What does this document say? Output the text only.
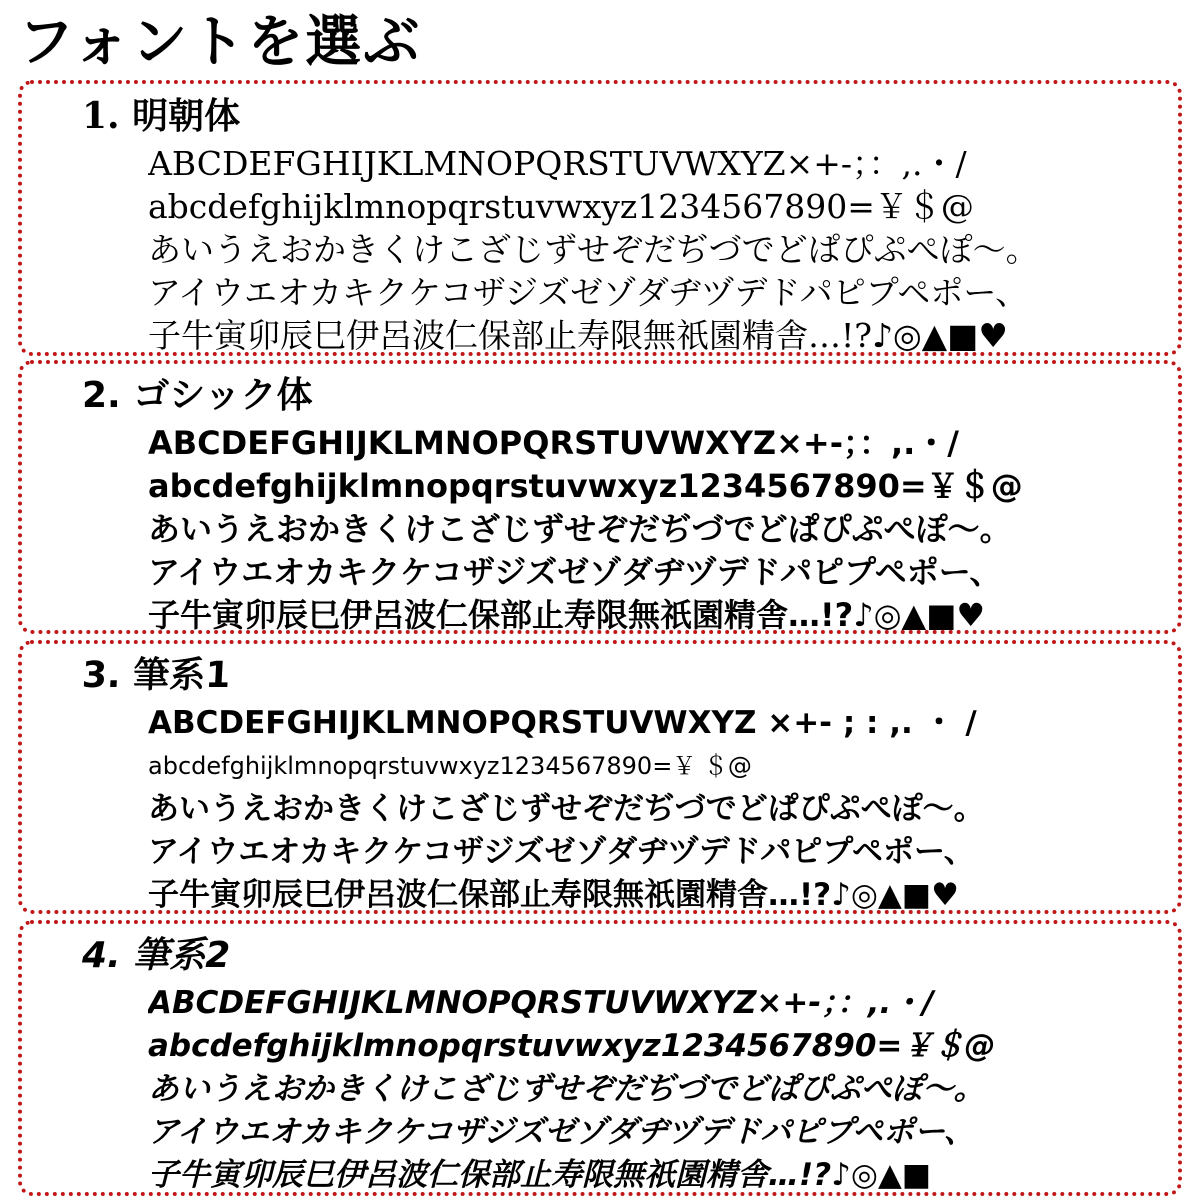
フォントを選ぶ
1. 明朝体
ABCDEFGHIJKLMNOPQRSTUVWXYZ×+-；：,.・/
abcdefghijklmnopqrstuvwxyz1234567890=￥＄@
あいうえおかきくけこざじずせぞだぢづでどぱぴぷぺぽ～。
アイウエオカキクケコザジズゼゾダヂヅデドパピプペポー、
子牛寅卯辰巳伊呂波仁保部止寿限無祇園精舎…!?♪◎▲■♥
2. ゴシック体
ABCDEFGHIJKLMNOPQRSTUVWXYZ×+-；：,.・/
abcdefghijklmnopqrstuvwxyz1234567890=￥＄@
あいうえおかきくけこざじずせぞだぢづでどぱぴぷぺぽ～。
アイウエオカキクケコザジズゼゾダヂヅデドパピプペポー、
子牛寅卯辰巳伊呂波仁保部止寿限無祇園精舎…!?♪◎▲■♥
3. 筆系1
ABCDEFGHIJKLMNOPQRSTUVWXYZ ×+- ; : ,. ・ /
abcdefghijklmnopqrstuvwxyz1234567890=￥ ＄@
あいうえおかきくけこざじずせぞだぢづでどぱぴぷぺぽ～。
アイウエオカキクケコザジズゼゾダヂヅデドパピプペポー、
子牛寅卯辰巳伊呂波仁保部止寿限無祇園精舎…!?♪◎▲■♥
4. 筆系2
ABCDEFGHIJKLMNOPQRSTUVWXYZ×+-；：,.・/
abcdefghijklmnopqrstuvwxyz1234567890=￥＄@
あいうえおかきくけこざじずせぞだぢづでどぱぴぷぺぽ～。
アイウエオカキクケコザジズゼゾダヂヅデドパピプペポー、
子牛寅卯辰巳伊呂波仁保部止寿限無祇園精舎…!?♪◎▲■
